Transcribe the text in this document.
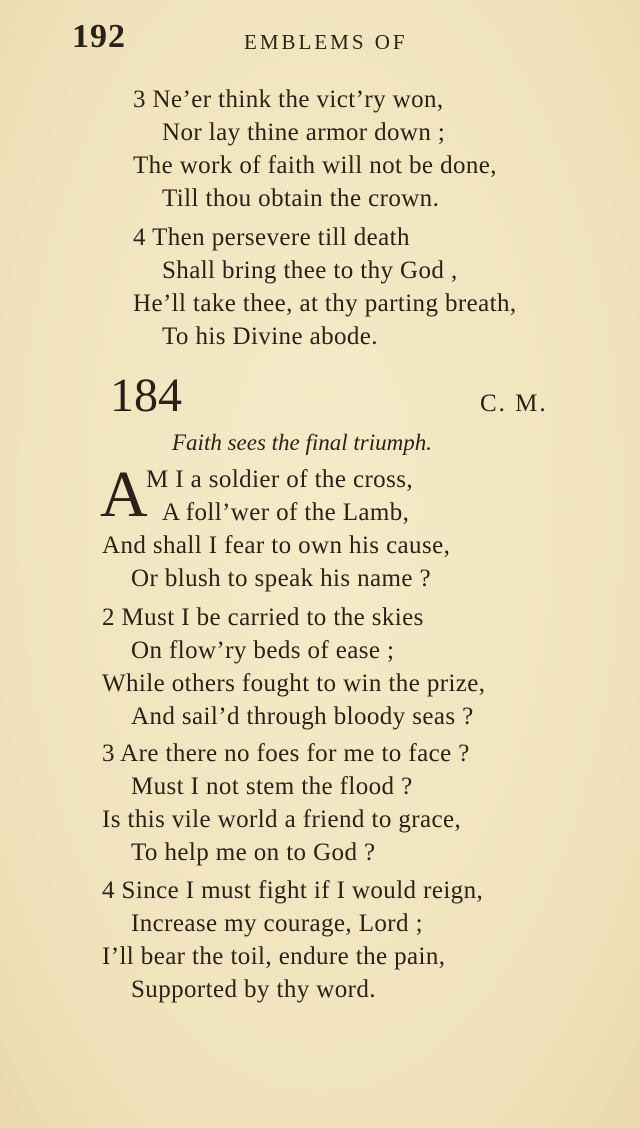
192	EMBLEMS OF
3 Ne’er think the vict’ry won,
Nor lay thine armor down ;
The work of faith will not be done,
Till thou obtain the crown.
4 Then persevere till death
Shall bring thee to thy God ,
He’ll take thee, at thy parting breath,
To his Divine abode.
184	C. M.
Faith sees the final triumph.
A
M I a soldier of the cross,
A foll’wer of the Lamb,
And shall I fear to own his cause,
Or blush to speak his name ?
2 Must I be carried to the skies
On flow’ry beds of ease ;
While others fought to win the prize,
And sail’d through bloody seas ?
3 Are there no foes for me to face ?
Must I not stem the flood ?
Is this vile world a friend to grace,
To help me on to God ?
4 Since I must fight if I would reign,
Increase my courage, Lord ;
I’ll bear the toil, endure the pain,
Supported by thy word.
